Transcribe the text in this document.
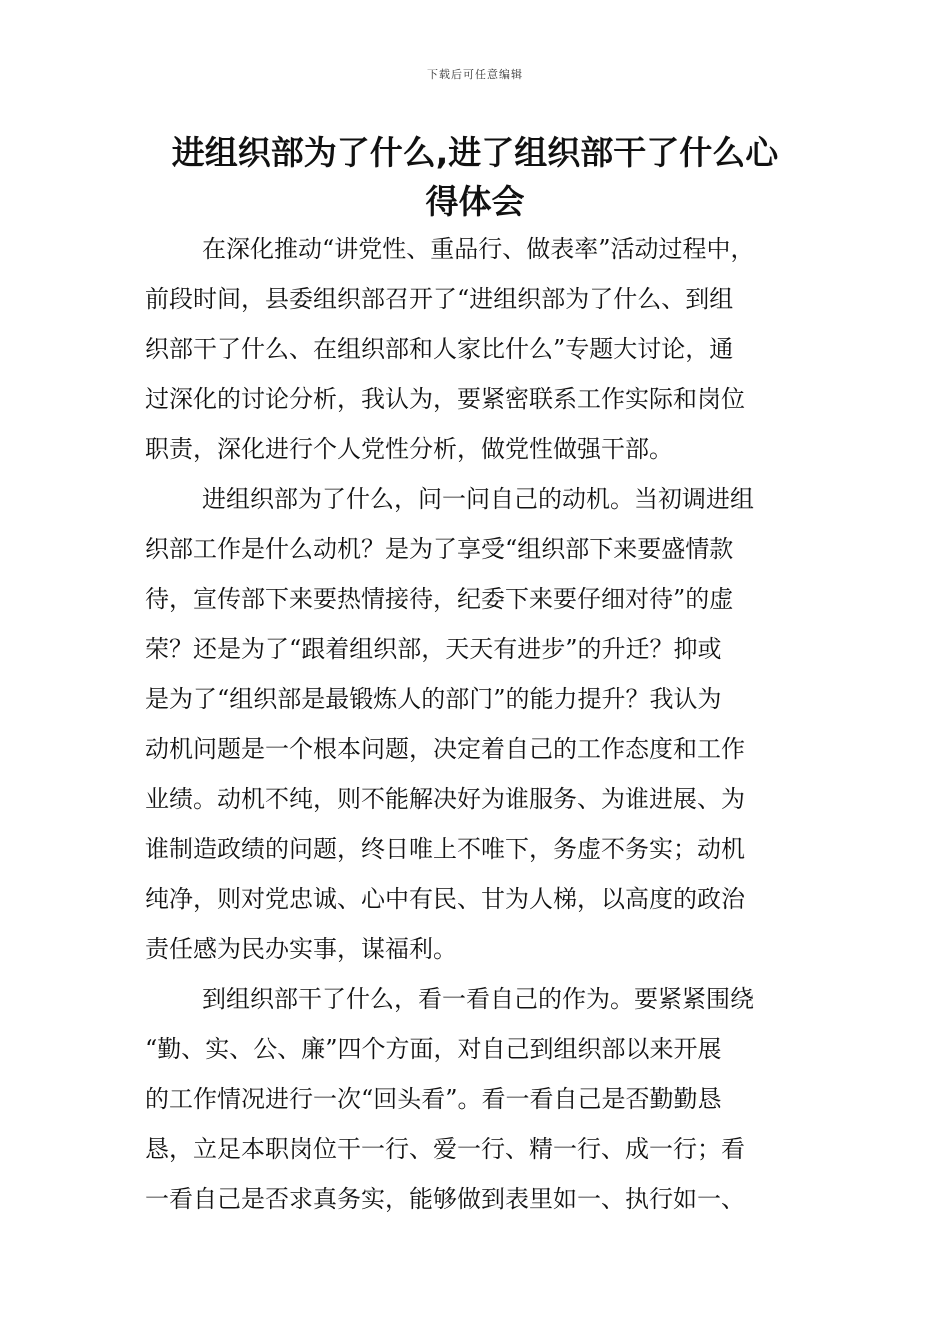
下载后可任意编辑
进组织部为了什么,进了组织部干了什么心
得体会

在深化推动“讲党性、重品行、做表率”活动过程中，
前段时间，县委组织部召开了“进组织部为了什么、到组
织部干了什么、在组织部和人家比什么”专题大讨论，通
过深化的讨论分析，我认为，要紧密联系工作实际和岗位
职责，深化进行个人党性分析，做党性做强干部。

进组织部为了什么，问一问自己的动机。当初调进组
织部工作是什么动机？是为了享受“组织部下来要盛情款
待，宣传部下来要热情接待，纪委下来要仔细对待”的虚
荣？还是为了“跟着组织部，天天有进步”的升迁？抑或
是为了“组织部是最锻炼人的部门”的能力提升？我认为
动机问题是一个根本问题，决定着自己的工作态度和工作
业绩。动机不纯，则不能解决好为谁服务、为谁进展、为
谁制造政绩的问题，终日唯上不唯下，务虚不务实；动机
纯净，则对党忠诚、心中有民、甘为人梯，以高度的政治
责任感为民办实事，谋福利。

到组织部干了什么，看一看自己的作为。要紧紧围绕
“勤、实、公、廉”四个方面，对自己到组织部以来开展
的工作情况进行一次“回头看”。看一看自己是否勤勤恳
恳，立足本职岗位干一行、爱一行、精一行、成一行；看
一看自己是否求真务实，能够做到表里如一、执行如一、
